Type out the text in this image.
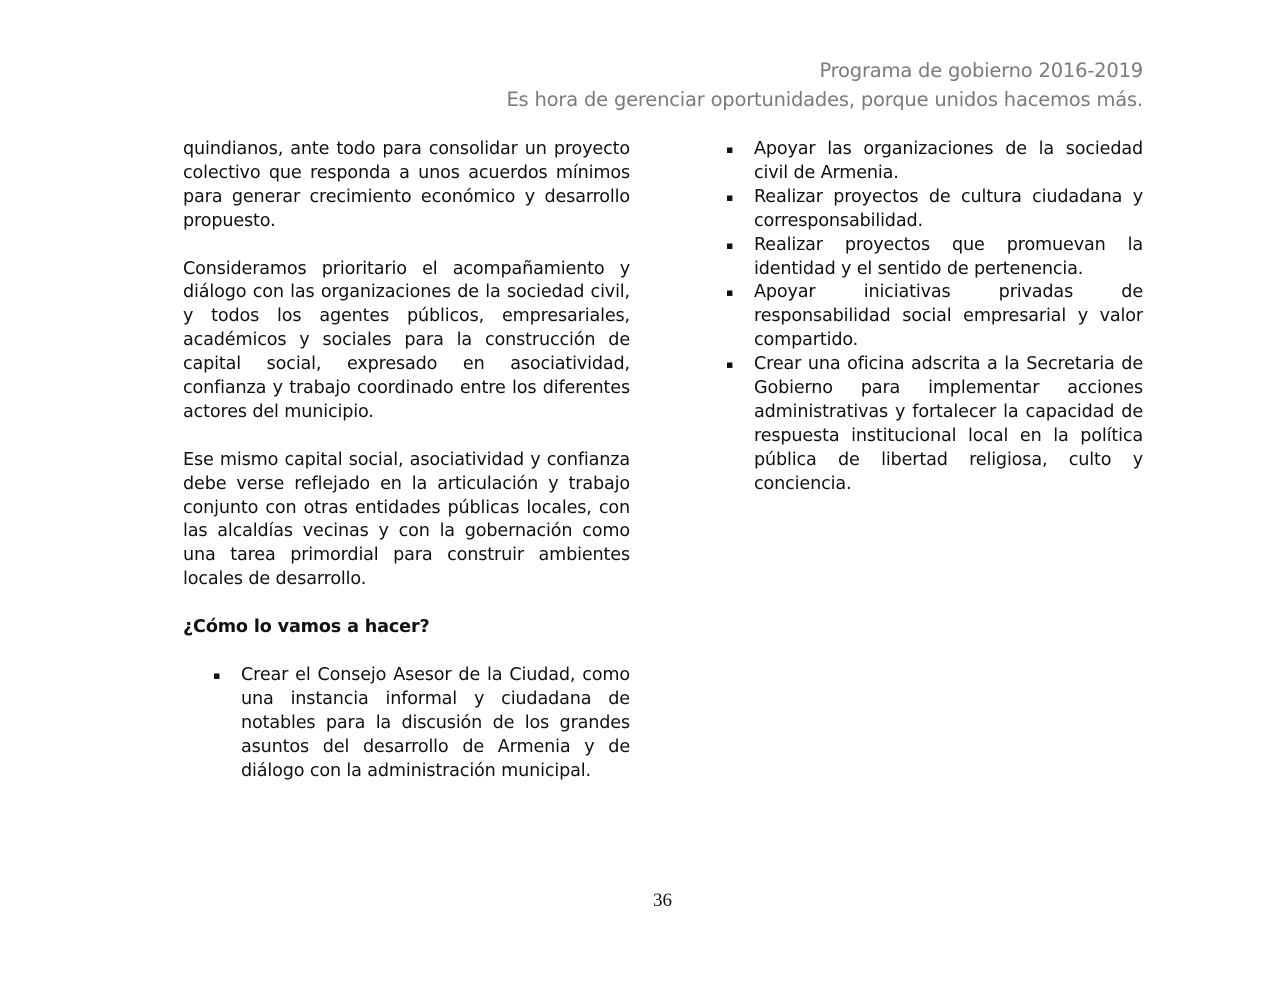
Programa de gobierno 2016-2019
Es hora de gerenciar oportunidades, porque unidos hacemos más.

quindianos, ante todo para consolidar un proyecto colectivo que responda a unos acuerdos mínimos para generar crecimiento económico y desarrollo propuesto.

Consideramos prioritario el acompañamiento y diálogo con las organizaciones de la sociedad civil, y todos los agentes públicos, empresariales, académicos y sociales para la construcción de capital social, expresado en asociatividad, confianza y trabajo coordinado entre los diferentes actores del municipio.

Ese mismo capital social, asociatividad y confianza debe verse reflejado en la articulación y trabajo conjunto con otras entidades públicas locales, con las alcaldías vecinas y con la gobernación como una tarea primordial para construir ambientes locales de desarrollo.

¿Cómo lo vamos a hacer?

▪ Crear el Consejo Asesor de la Ciudad, como una instancia informal y ciudadana de notables para la discusión de los grandes asuntos del desarrollo de Armenia y de diálogo con la administración municipal.
▪ Apoyar las organizaciones de la sociedad civil de Armenia.
▪ Realizar proyectos de cultura ciudadana y corresponsabilidad.
▪ Realizar proyectos que promuevan la identidad y el sentido de pertenencia.
▪ Apoyar iniciativas privadas de responsabilidad social empresarial y valor compartido.
▪ Crear una oficina adscrita a la Secretaria de Gobierno para implementar acciones administrativas y fortalecer la capacidad de respuesta institucional local en la política pública de libertad religiosa, culto y conciencia.
36
